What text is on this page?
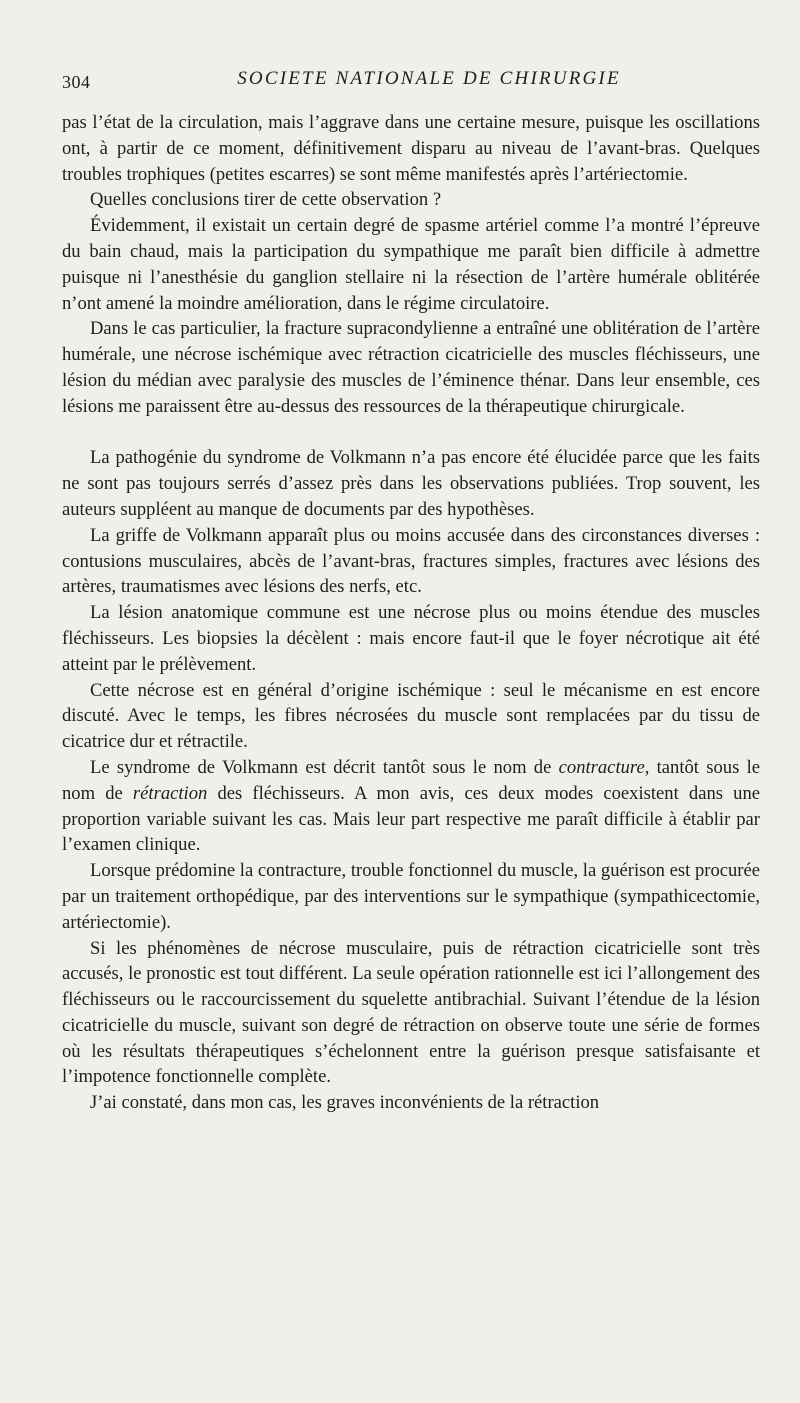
304	SOCIETE NATIONALE DE CHIRURGIE

pas l’état de la circulation, mais l’aggrave dans une certaine mesure, puisque les oscillations ont, à partir de ce moment, définitivement disparu au niveau de l’avant-bras. Quelques troubles trophiques (petites escarres) se sont même manifestés après l’artériectomie.

Quelles conclusions tirer de cette observation ?

Évidemment, il existait un certain degré de spasme artériel comme l’a montré l’épreuve du bain chaud, mais la participation du sympathique me paraît bien difficile à admettre puisque ni l’anesthésie du ganglion stellaire ni la résection de l’artère humérale oblitérée n’ont amené la moindre amélioration, dans le régime circulatoire.

Dans le cas particulier, la fracture supracondylienne a entraîné une oblitération de l’artère humérale, une nécrose ischémique avec rétraction cicatricielle des muscles fléchisseurs, une lésion du médian avec paralysie des muscles de l’éminence thénar. Dans leur ensemble, ces lésions me paraissent être au-dessus des ressources de la thérapeutique chirurgicale.

La pathogénie du syndrome de Volkmann n’a pas encore été élucidée parce que les faits ne sont pas toujours serrés d’assez près dans les observations publiées. Trop souvent, les auteurs suppléent au manque de documents par des hypothèses.

La griffe de Volkmann apparaît plus ou moins accusée dans des circonstances diverses : contusions musculaires, abcès de l’avant-bras, fractures simples, fractures avec lésions des artères, traumatismes avec lésions des nerfs, etc.

La lésion anatomique commune est une nécrose plus ou moins étendue des muscles fléchisseurs. Les biopsies la décèlent : mais encore faut-il que le foyer nécrotique ait été atteint par le prélèvement.

Cette nécrose est en général d’origine ischémique : seul le mécanisme en est encore discuté. Avec le temps, les fibres nécrosées du muscle sont remplacées par du tissu de cicatrice dur et rétractile.

Le syndrome de Volkmann est décrit tantôt sous le nom de contracture, tantôt sous le nom de rétraction des fléchisseurs. A mon avis, ces deux modes coexistent dans une proportion variable suivant les cas. Mais leur part respective me paraît difficile à établir par l’examen clinique.

Lorsque prédomine la contracture, trouble fonctionnel du muscle, la guérison est procurée par un traitement orthopédique, par des interventions sur le sympathique (sympathicectomie, artériectomie).

Si les phénomènes de nécrose musculaire, puis de rétraction cicatricielle sont très accusés, le pronostic est tout différent. La seule opération rationnelle est ici l’allongement des fléchisseurs ou le raccourcissement du squelette antibrachial. Suivant l’étendue de la lésion cicatricielle du muscle, suivant son degré de rétraction on observe toute une série de formes où les résultats thérapeutiques s’échelonnent entre la guérison presque satisfaisante et l’impotence fonctionnelle complète.

J’ai constaté, dans mon cas, les graves inconvénients de la rétraction
